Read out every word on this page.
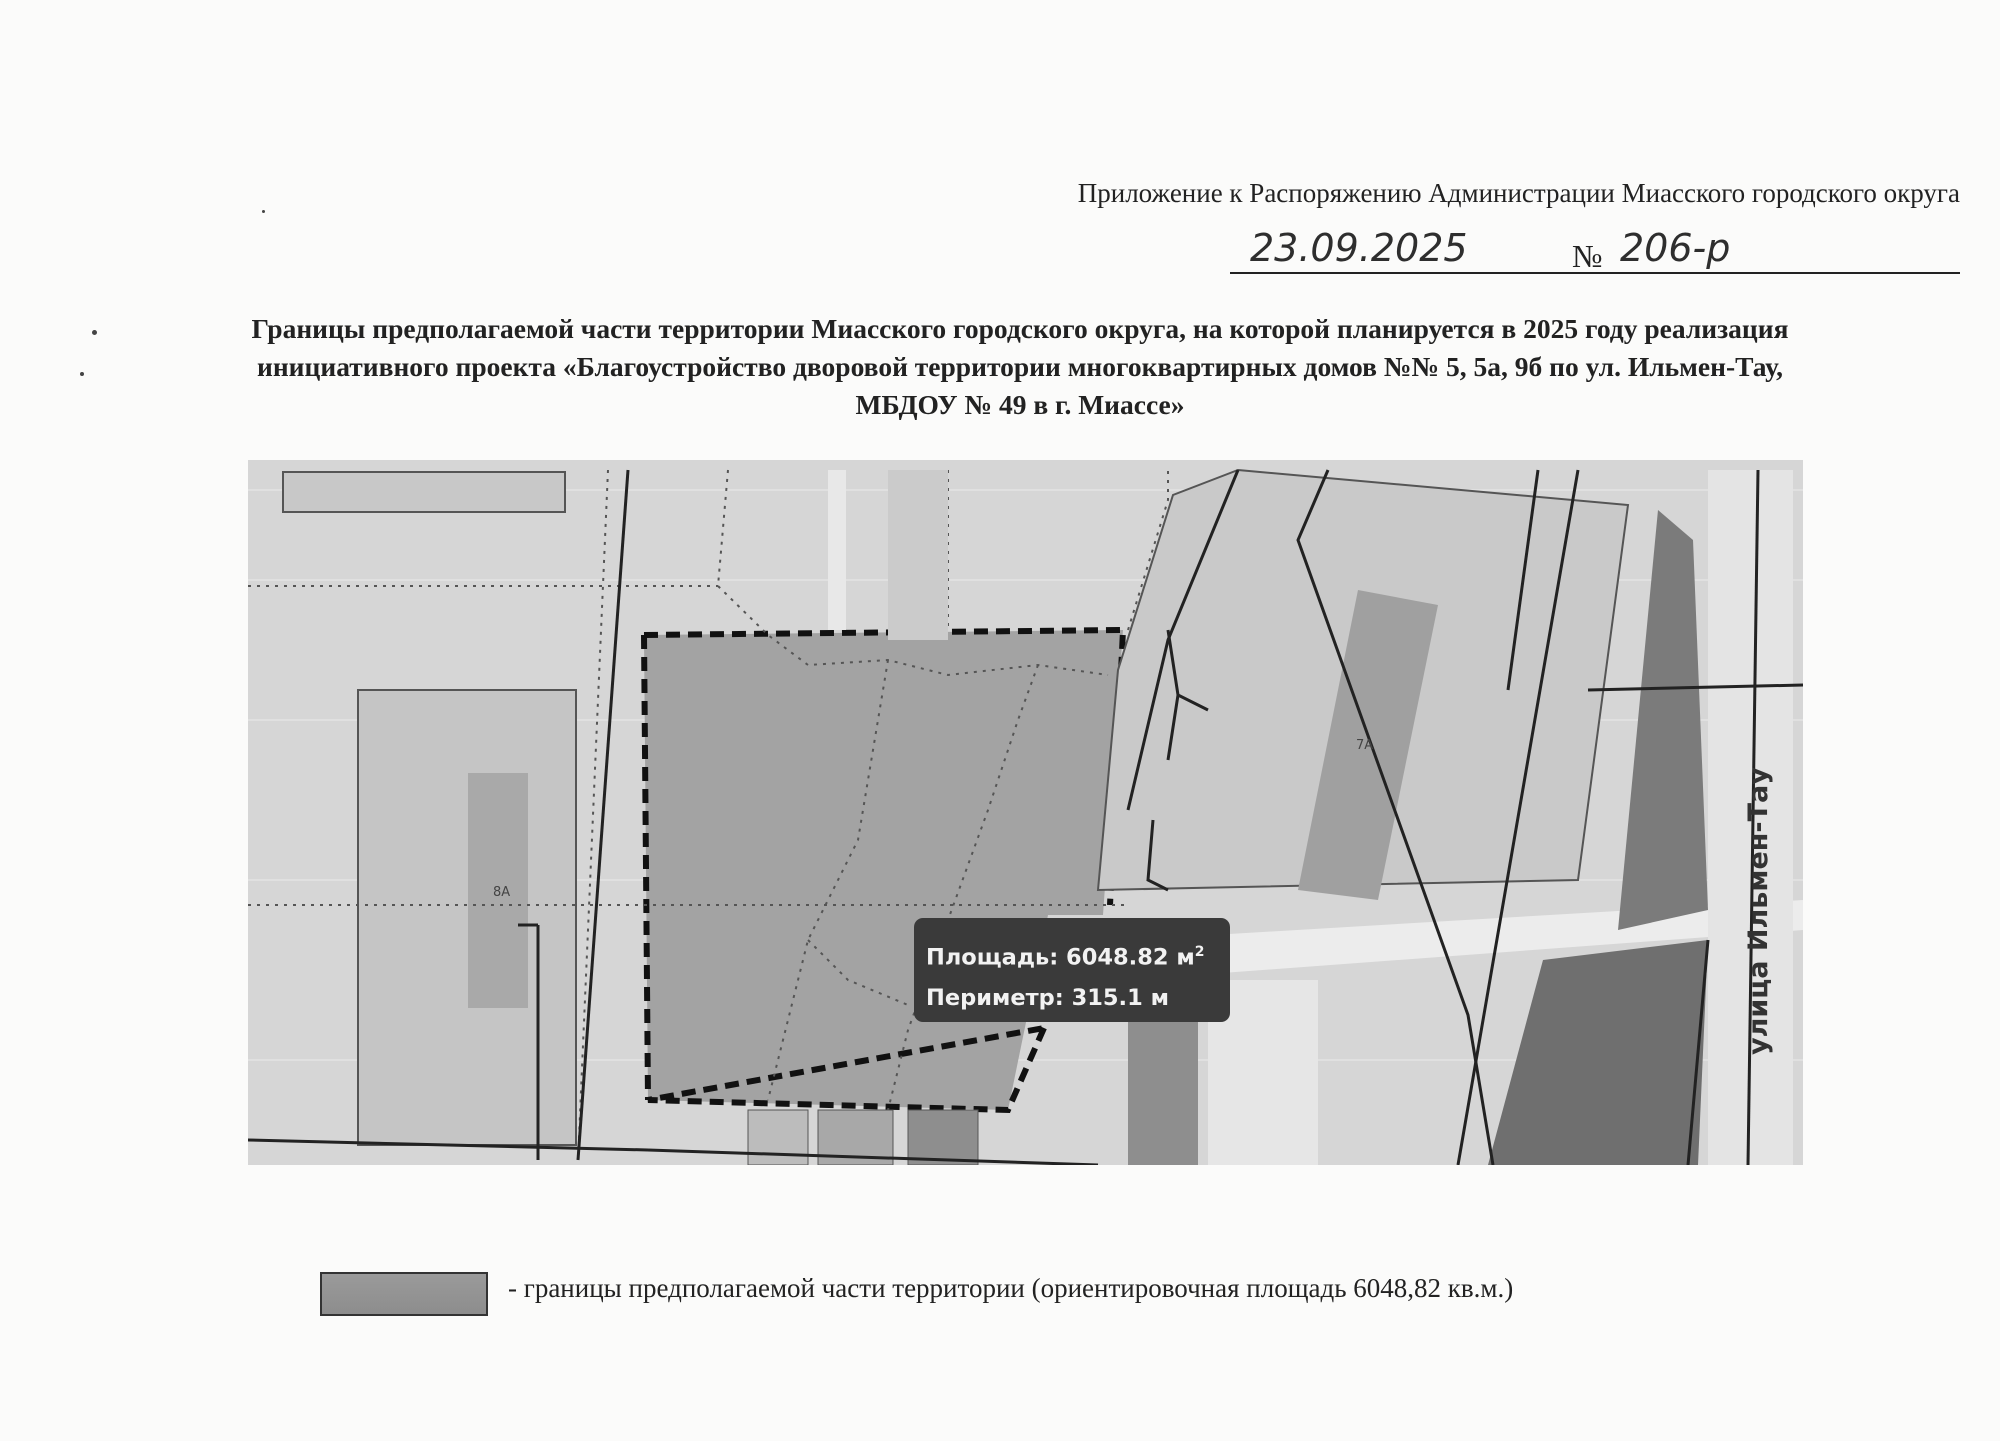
Приложение к Распоряжению Администрации Миасского городского округа
23.09.2025	№ 206-р
Границы предполагаемой части территории Миасского городского округа, на которой планируется в 2025 году реализация
инициативного проекта «Благоустройство дворовой территории многоквартирных домов №№ 5, 5а, 9б по ул. Ильмен-Тау,
МБДОУ № 49 в г. Миассе»
8А
7А
Площадь: 6048.82 $м^2$
Периметр: 315.1 м	улица Ильмен-Тау
- границы предполагаемой части территории (ориентировочная площадь 6048,82 кв.м.)
